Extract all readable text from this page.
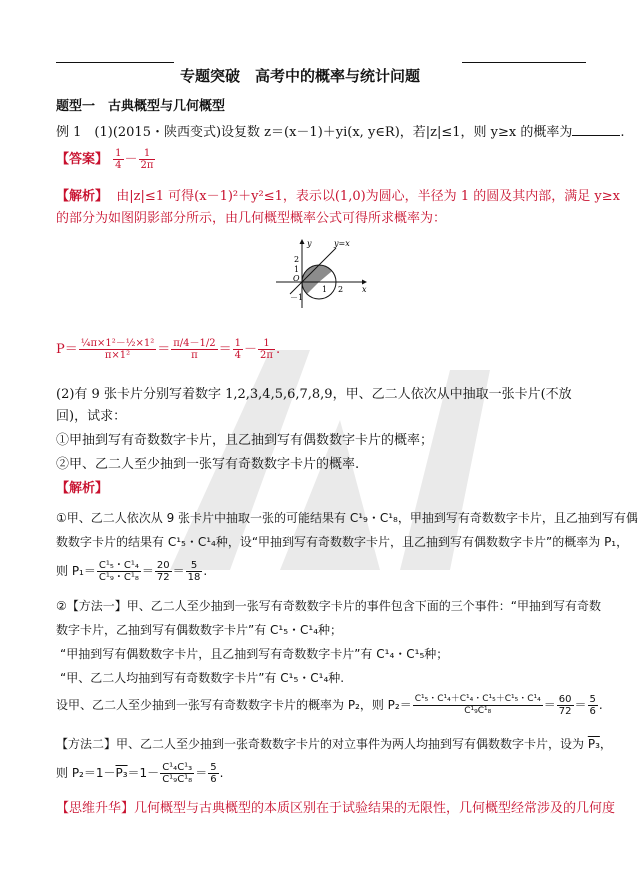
专题突破　高考中的概率与统计问题
题型一　古典概型与几何概型
例 1　(1)(2015・陕西变式)设复数 z＝(x－1)＋yi(x, y∈R)，若|z|≤1，则 y≥x 的概率为	.
【答案】 $\frac{1}{4} - \frac{1}{2\pi}$
【解析】 由|z|≤1 可得(x－1)²＋y²≤1，表示以(1,0)为圆心，半径为 1 的圆及其内部，满足 y≥x
的部分为如图阴影部分所示，由几何概型概率公式可得所求概率为：
y	y=x
2
1
O
－1
1 2 x
$P= \frac{\text{¼π×1²－½×1²}}{\text{π×1²}} = \frac{\pi/4-1/2}{\pi} = \frac{1}{4} - \frac{1}{2\pi}$ .
(2)有 9 张卡片分别写着数字 1,2,3,4,5,6,7,8,9，甲、乙二人依次从中抽取一张卡片(不放回)，试求：
①甲抽到写有奇数数字卡片，且乙抽到写有偶数数字卡片的概率；
②甲、乙二人至少抽到一张写有奇数数字卡片的概率.
【解析】
①甲、乙二人依次从 9 张卡片中抽取一张的可能结果有 C¹₉・C¹₈，甲抽到写有奇数数字卡片，且乙抽到写有偶
数数字卡片的结果有 C¹₅・C¹₄种，设“甲抽到写有奇数数字卡片，且乙抽到写有偶数数字卡片”的概率为 P₁，
则 $P_1= \frac{\text{C¹₅・C¹₄}}{\text{C¹₉・C¹₈}} = \frac{20}{72} = \frac{5}{18}$ .
②【方法一】甲、乙二人至少抽到一张写有奇数数字卡片的事件包含下面的三个事件：“甲抽到写有奇数
数字卡片，乙抽到写有偶数数字卡片”有 C¹₅・C¹₄种；
“甲抽到写有偶数数字卡片，且乙抽到写有奇数数字卡片”有 C¹₄・C¹₅种；
“甲、乙二人均抽到写有奇数数字卡片”有 C¹₅・C¹₄种.
设甲、乙二人至少抽到一张写有奇数数字卡片的概率为 P₂，则 $P_2= \frac{\text{C¹₅・C¹₄＋C¹₄・C¹₅＋C¹₅・C¹₄}}{\text{C¹₉C¹₈}} = \frac{60}{72} = \frac{5}{6}$ .
【方法二】甲、乙二人至少抽到一张奇数数字卡片的对立事件为两人均抽到写有偶数数字卡片，设为 P₃，
则 $P_2=1-P_3=1- \frac{\text{C¹₄C¹₃}}{\text{C¹₉C¹₈}} = \frac{5}{6}$ .
【思维升华】几何概型与古典概型的本质区别在于试验结果的无限性，几何概型经常涉及的几何度
